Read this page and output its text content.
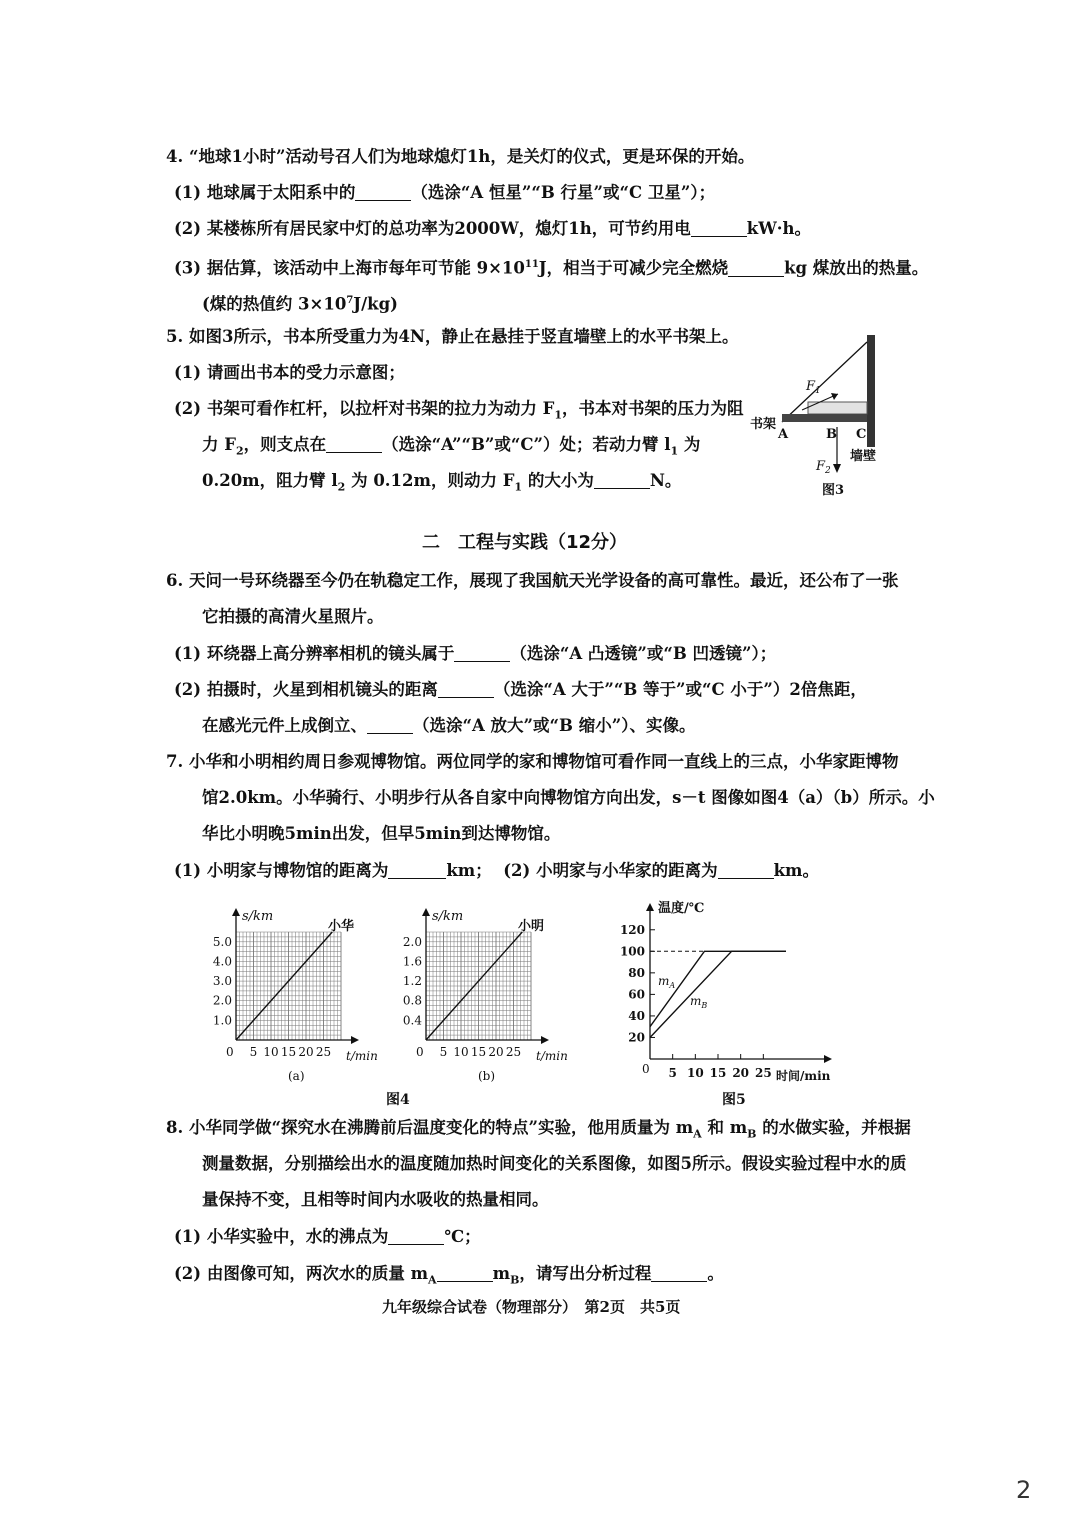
4. “地球1小时”活动号召人们为地球熄灯1h，是关灯的仪式，更是环保的开始。
(1) 地球属于太阳系中的	（选涂“A 恒星”“B 行星”或“C 卫星”）；
(2) 某楼栋所有居民家中灯的总功率为2000W，熄灯1h，可节约用电	kW·h。
(3) 据估算，该活动中上海市每年可节能 $9\times 10^{11}J$，相当于可减少完全燃烧	kg 煤放出的热量。
(煤的热值约 $3\times 10^7J/kg$)
5. 如图3所示，书本所受重力为4N，静止在悬挂于竖直墙壁上的水平书架上。
(1) 请画出书本的受力示意图；
(2) 书架可看作杠杆，以拉杆对书架的拉力为动力 $F_1$，书本对书架的压力为阻
力 $F_2$，则支点在	（选涂“A”“B”或“C”）处；若动力臂 $l_1$ 为
0.20m，阻力臂 $l_2$ 为 0.12m，则动力 $F_1$ 的大小为	N。
$F_1$
书架
A	B C
$F_2$
墙壁
图3
二　工程与实践（12分）
6. 天问一号环绕器至今仍在轨稳定工作，展现了我国航天光学设备的高可靠性。最近，还公布了一张
它拍摄的高清火星照片。
(1) 环绕器上高分辨率相机的镜头属于	（选涂“A 凸透镜”或“B 凹透镜”）；
(2) 拍摄时，火星到相机镜头的距离	（选涂“A 大于”“B 等于”或“C 小于”）2倍焦距，
在感光元件上成倒立、	（选涂“A 放大”或“B 缩小”）、实像。
7. 小华和小明相约周日参观博物馆。两位同学的家和博物馆可看作同一直线上的三点，小华家距博物
馆2.0km。小华骑行、小明步行从各自家中向博物馆方向出发，s－t 图像如图4（a）（b）所示。小
华比小明晚5min出发，但早5min到达博物馆。
(1) 小明家与博物馆的距离为	km； (2) 小明家与小华家的距离为	km。
s/km
小华
0	t/min
(a)
1.0
2.0
3.0
4.0
5.0
5 10 15 20 25
s/km
小明
0	t/min
(b)
0.4
0.8
1.2
1.6
2.0
5 10 15 20 25
图4
温度/℃
0	时间/min
$m_A$
$m_B$
20
40
60
80
100
120
5 10 15 20 25
图5
8. 小华同学做“探究水在沸腾前后温度变化的特点”实验，他用质量为 $m_A$ 和 $m_B$ 的水做实验，并根据
测量数据，分别描绘出水的温度随加热时间变化的关系图像，如图5所示。假设实验过程中水的质
量保持不变，且相等时间内水吸收的热量相同。
(1) 小华实验中，水的沸点为	℃；
(2) 由图像可知，两次水的质量 $m_A$	$m_B$，请写出分析过程	。
九年级综合试卷（物理部分）　第2页　共5页
2
